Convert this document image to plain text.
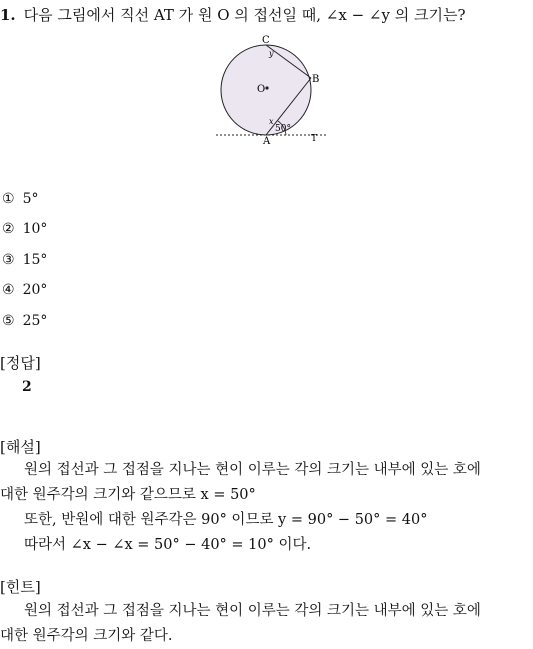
1. 다음 그림에서 직선 AT 가 원 O 의 접선일 때, ∠x − ∠y 의 크기는?
C
B
A	T
O
y
x
50°
① 5°
② 10°
③ 15°
④ 20°
⑤ 25°
[정답]
2
[해설]
원의 접선과 그 접점을 지나는 현이 이루는 각의 크기는 내부에 있는 호에
대한 원주각의 크기와 같으므로 x = 50°
또한, 반원에 대한 원주각은 90° 이므로 y = 90° − 50° = 40°
따라서 ∠x − ∠x = 50° − 40° = 10° 이다.
[힌트]
원의 접선과 그 접점을 지나는 현이 이루는 각의 크기는 내부에 있는 호에
대한 원주각의 크기와 같다.
